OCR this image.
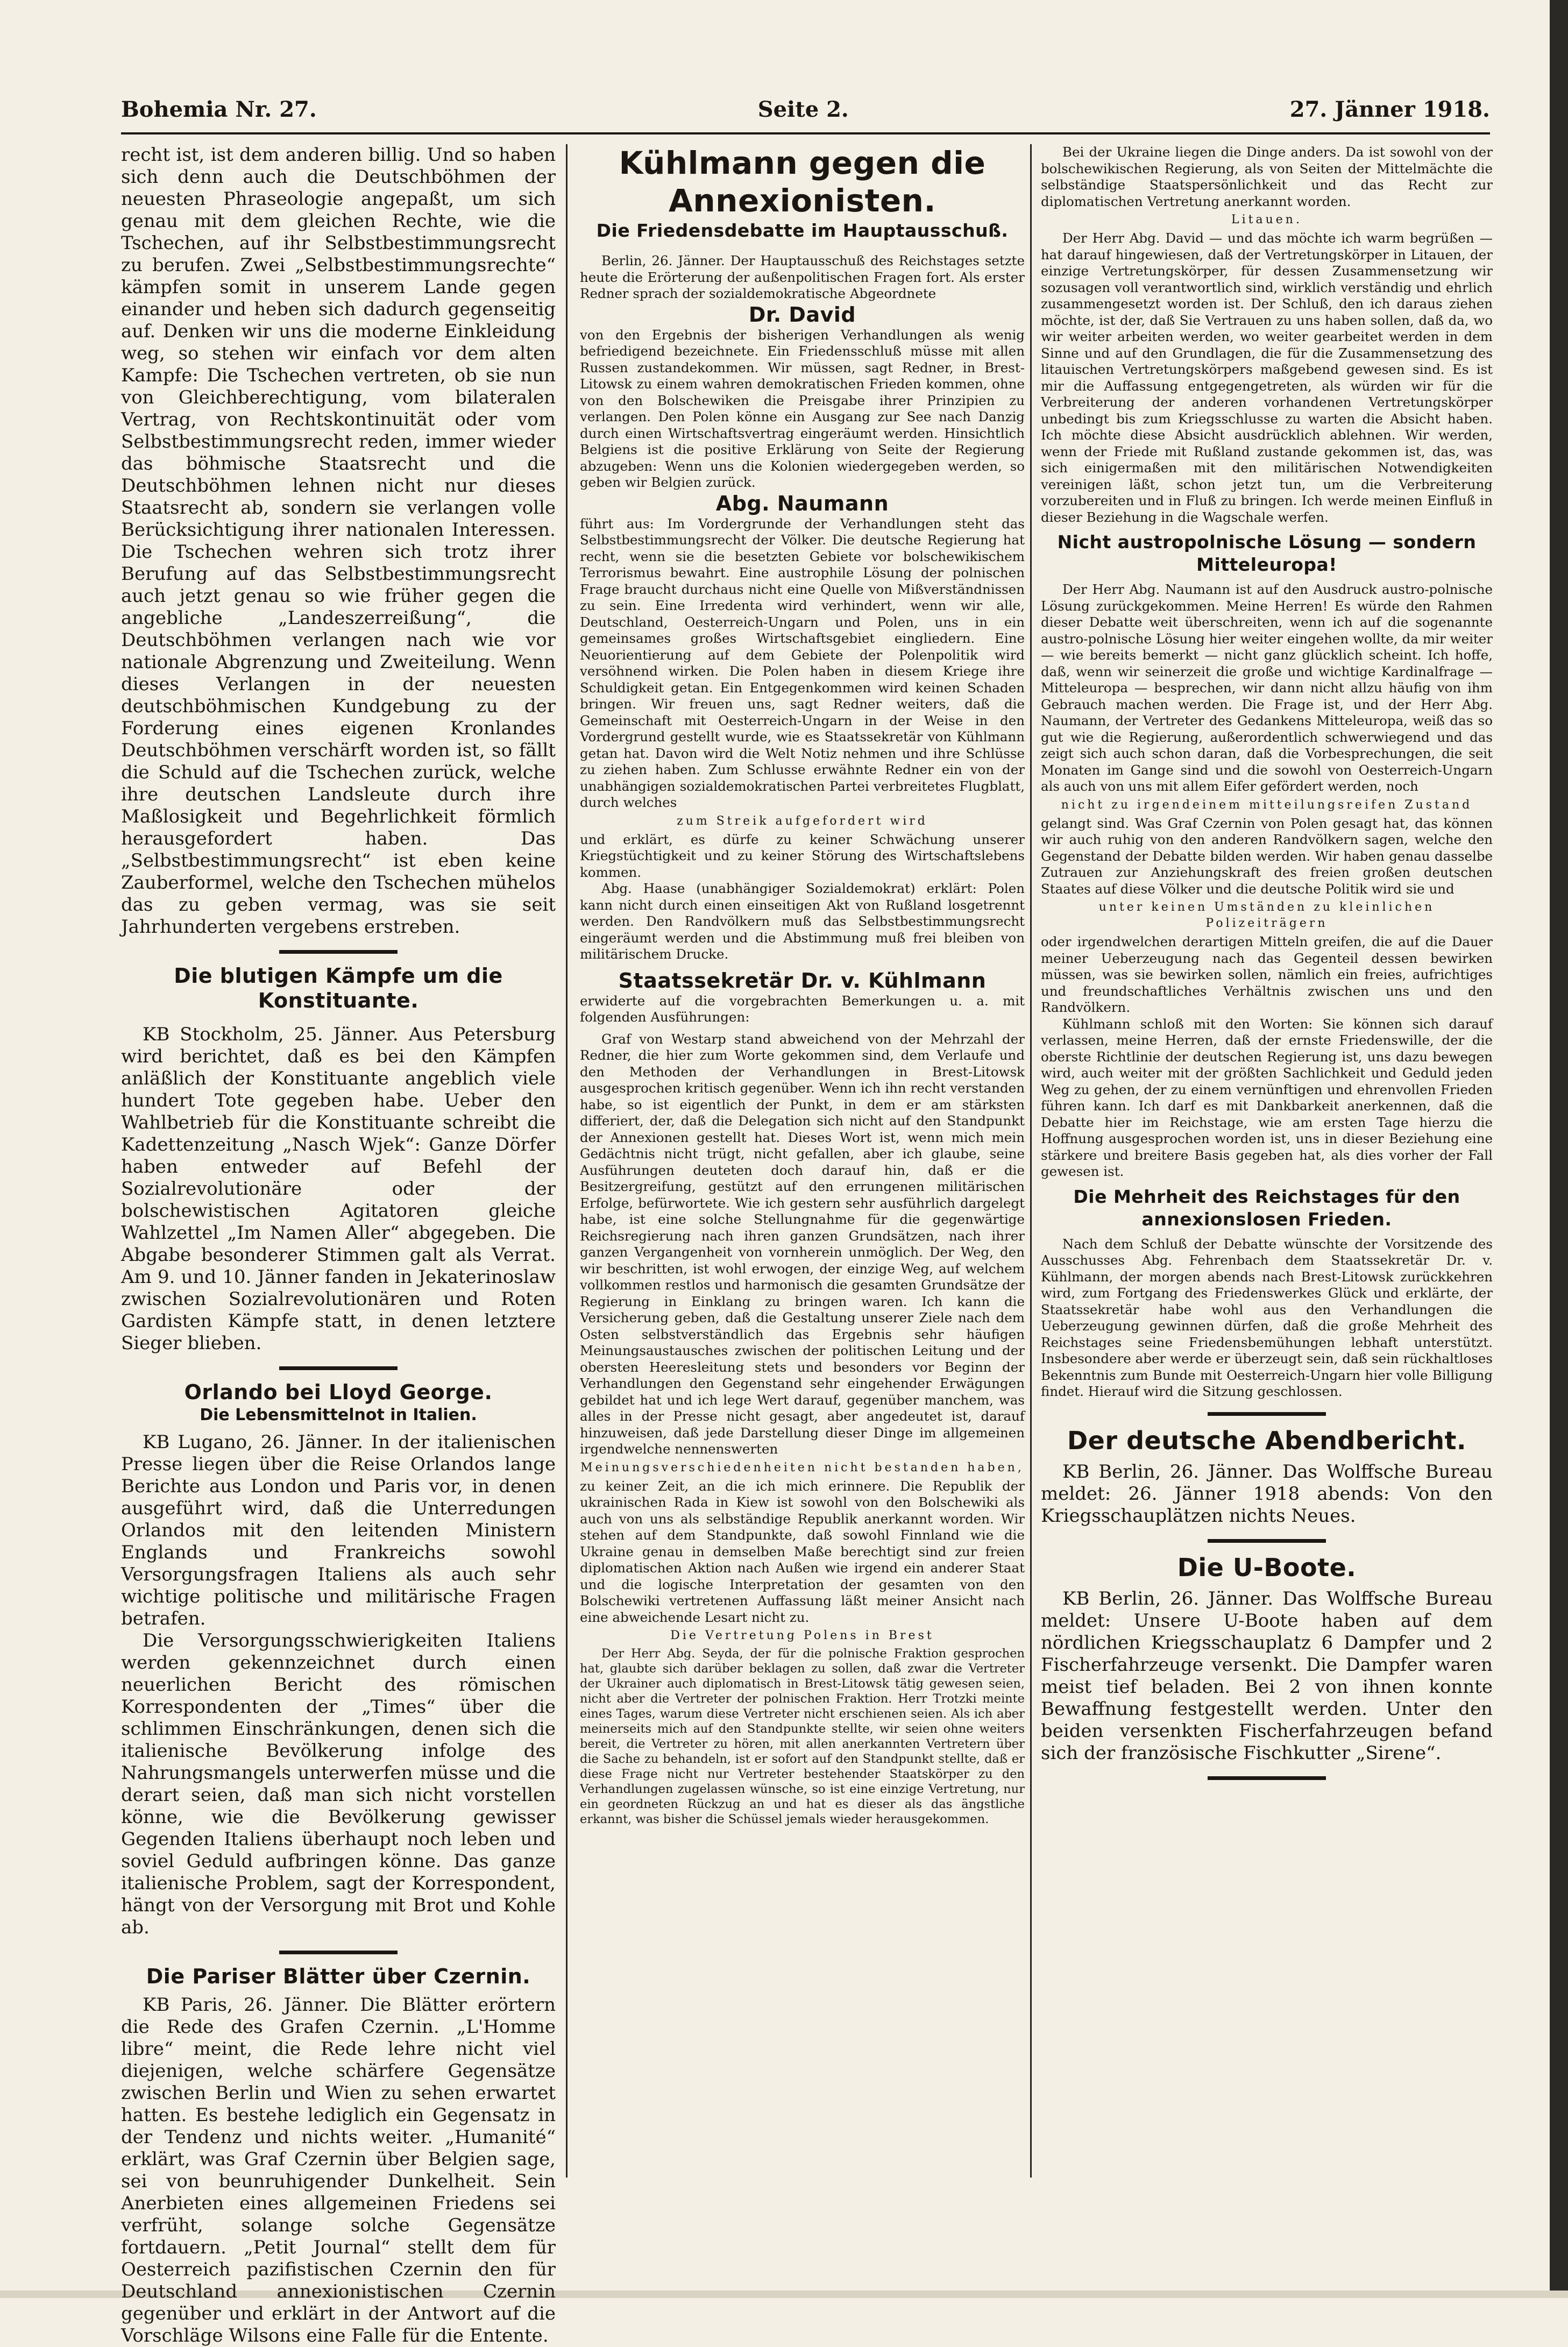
Bohemia Nr. 27.	Seite 2.	27. Jänner 1918.

recht ist, ist dem anderen billig. Und so haben sich denn auch die Deutschböhmen der neuesten Phraseologie angepaßt, um sich genau mit dem gleichen Rechte, wie die Tschechen, auf ihr Selbstbestimmungsrecht zu berufen. Zwei „Selbstbestimmungsrechte“ kämpfen somit in unserem Lande gegen einander und heben sich dadurch gegenseitig auf. Denken wir uns die moderne Einkleidung weg, so stehen wir einfach vor dem alten Kampfe: Die Tschechen vertreten, ob sie nun von Gleichberechtigung, vom bilateralen Vertrag, von Rechtskontinuität oder vom Selbstbestimmungsrecht reden, immer wieder das böhmische Staatsrecht und die Deutschböhmen lehnen nicht nur dieses Staatsrecht ab, sondern sie verlangen volle Berücksichtigung ihrer nationalen Interessen. Die Tschechen wehren sich trotz ihrer Berufung auf das Selbstbestimmungsrecht auch jetzt genau so wie früher gegen die angebliche „Landeszerreißung“, die Deutschböhmen verlangen nach wie vor nationale Abgrenzung und Zweiteilung. Wenn dieses Verlangen in der neuesten deutschböhmischen Kundgebung zu der Forderung eines eigenen Kronlandes Deutschböhmen verschärft worden ist, so fällt die Schuld auf die Tschechen zurück, welche ihre deutschen Landsleute durch ihre Maßlosigkeit und Begehrlichkeit förmlich herausgefordert haben. Das „Selbstbestimmungsrecht“ ist eben keine Zauberformel, welche den Tschechen mühelos das zu geben vermag, was sie seit Jahrhunderten vergebens erstreben.

Die blutigen Kämpfe um die Konstituante.

KB Stockholm, 25. Jänner. Aus Petersburg wird berichtet, daß es bei den Kämpfen anläßlich der Konstituante angeblich viele hundert Tote gegeben habe. Ueber den Wahlbetrieb für die Konstituante schreibt die Kadettenzeitung „Nasch Wjek“: Ganze Dörfer haben entweder auf Befehl der Sozialrevolutionäre oder der bolschewistischen Agitatoren gleiche Wahlzettel „Im Namen Aller“ abgegeben. Die Abgabe besonderer Stimmen galt als Verrat. Am 9. und 10. Jänner fanden in Jekaterinoslaw zwischen Sozialrevolutionären und Roten Gardisten Kämpfe statt, in denen letztere Sieger blieben.

Orlando bei Lloyd George.
Die Lebensmittelnot in Italien.

KB Lugano, 26. Jänner. In der italienischen Presse liegen über die Reise Orlandos lange Berichte aus London und Paris vor, in denen ausgeführt wird, daß die Unterredungen Orlandos mit den leitenden Ministern Englands und Frankreichs sowohl Versorgungsfragen Italiens als auch sehr wichtige politische und militärische Fragen betrafen.

Die Versorgungsschwierigkeiten Italiens werden gekennzeichnet durch einen neuerlichen Bericht des römischen Korrespondenten der „Times“ über die schlimmen Einschränkungen, denen sich die italienische Bevölkerung infolge des Nahrungsmangels unterwerfen müsse und die derart seien, daß man sich nicht vorstellen könne, wie die Bevölkerung gewisser Gegenden Italiens überhaupt noch leben und soviel Geduld aufbringen könne. Das ganze italienische Problem, sagt der Korrespondent, hängt von der Versorgung mit Brot und Kohle ab.

Die Pariser Blätter über Czernin.

KB Paris, 26. Jänner. Die Blätter erörtern die Rede des Grafen Czernin. „L'Homme libre“ meint, die Rede lehre nicht viel diejenigen, welche schärfere Gegensätze zwischen Berlin und Wien zu sehen erwartet hatten. Es bestehe lediglich ein Gegensatz in der Tendenz und nichts weiter. „Humanité“ erklärt, was Graf Czernin über Belgien sage, sei von beunruhigender Dunkelheit. Sein Anerbieten eines allgemeinen Friedens sei verfrüht, solange solche Gegensätze fortdauern. „Petit Journal“ stellt dem für Oesterreich pazifistischen Czernin den für Deutschland annexionistischen Czernin gegenüber und erklärt in der Antwort auf die Vorschläge Wilsons eine Falle für die Entente.

Kühlmann gegen die Annexionisten.
Die Friedensdebatte im Hauptausschuß.

Berlin, 26. Jänner. Der Hauptausschuß des Reichstages setzte heute die Erörterung der außenpolitischen Fragen fort. Als erster Redner sprach der sozialdemokratische Abgeordnete

Dr. David

von den Ergebnis der bisherigen Verhandlungen als wenig befriedigend bezeichnete. Ein Friedensschluß müsse mit allen Russen zustandekommen. Wir müssen, sagt Redner, in Brest-Litowsk zu einem wahren demokratischen Frieden kommen, ohne von den Bolschewiken die Preisgabe ihrer Prinzipien zu verlangen. Den Polen könne ein Ausgang zur See nach Danzig durch einen Wirtschaftsvertrag eingeräumt werden. Hinsichtlich Belgiens ist die positive Erklärung von Seite der Regierung abzugeben: Wenn uns die Kolonien wiedergegeben werden, so geben wir Belgien zurück.

Abg. Naumann

führt aus: Im Vordergrunde der Verhandlungen steht das Selbstbestimmungsrecht der Völker. Die deutsche Regierung hat recht, wenn sie die besetzten Gebiete vor bolschewikischem Terrorismus bewahrt. Eine austrophile Lösung der polnischen Frage braucht durchaus nicht eine Quelle von Mißverständnissen zu sein. Eine Irredenta wird verhindert, wenn wir alle, Deutschland, Oesterreich-Ungarn und Polen, uns in ein gemeinsames großes Wirtschaftsgebiet eingliedern. Eine Neuorientierung auf dem Gebiete der Polenpolitik wird versöhnend wirken. Die Polen haben in diesem Kriege ihre Schuldigkeit getan. Ein Entgegenkommen wird keinen Schaden bringen. Wir freuen uns, sagt Redner weiters, daß die Gemeinschaft mit Oesterreich-Ungarn in der Weise in den Vordergrund gestellt wurde, wie es Staatssekretär von Kühlmann getan hat. Davon wird die Welt Notiz nehmen und ihre Schlüsse zu ziehen haben. Zum Schlusse erwähnte Redner ein von der unabhängigen sozialdemokratischen Partei verbreitetes Flugblatt, durch welches

zum Streik aufgefordert wird

und erklärt, es dürfe zu keiner Schwächung unserer Kriegstüchtigkeit und zu keiner Störung des Wirtschaftslebens kommen.

Abg. Haase (unabhängiger Sozialdemokrat) erklärt: Polen kann nicht durch einen einseitigen Akt von Rußland losgetrennt werden. Den Randvölkern muß das Selbstbestimmungsrecht eingeräumt werden und die Abstimmung muß frei bleiben von militärischem Drucke.

Staatssekretär Dr. v. Kühlmann

erwiderte auf die vorgebrachten Bemerkungen u. a. mit folgenden Ausführungen:

Graf von Westarp stand abweichend von der Mehrzahl der Redner, die hier zum Worte gekommen sind, dem Verlaufe und den Methoden der Verhandlungen in Brest-Litowsk ausgesprochen kritisch gegenüber. Wenn ich ihn recht verstanden habe, so ist eigentlich der Punkt, in dem er am stärksten differiert, der, daß die Delegation sich nicht auf den Standpunkt der Annexionen gestellt hat. Dieses Wort ist, wenn mich mein Gedächtnis nicht trügt, nicht gefallen, aber ich glaube, seine Ausführungen deuteten doch darauf hin, daß er die Besitzergreifung, gestützt auf den errungenen militärischen Erfolge, befürwortete. Wie ich gestern sehr ausführlich dargelegt habe, ist eine solche Stellungnahme für die gegenwärtige Reichsregierung nach ihren ganzen Grundsätzen, nach ihrer ganzen Vergangenheit von vornherein unmöglich. Der Weg, den wir beschritten, ist wohl erwogen, der einzige Weg, auf welchem vollkommen restlos und harmonisch die gesamten Grundsätze der Regierung in Einklang zu bringen waren. Ich kann die Versicherung geben, daß die Gestaltung unserer Ziele nach dem Osten selbstverständlich das Ergebnis sehr häufigen Meinungsaustausches zwischen der politischen Leitung und der obersten Heeresleitung stets und besonders vor Beginn der Verhandlungen den Gegenstand sehr eingehender Erwägungen gebildet hat und ich lege Wert darauf, gegenüber manchem, was alles in der Presse nicht gesagt, aber angedeutet ist, darauf hinzuweisen, daß jede Darstellung dieser Dinge im allgemeinen irgendwelche nennenswerten

Meinungsverschiedenheiten nicht bestanden haben,

zu keiner Zeit, an die ich mich erinnere. Die Republik der ukrainischen Rada in Kiew ist sowohl von den Bolschewiki als auch von uns als selbständige Republik anerkannt worden. Wir stehen auf dem Standpunkte, daß sowohl Finnland wie die Ukraine genau in demselben Maße berechtigt sind zur freien diplomatischen Aktion nach Außen wie irgend ein anderer Staat und die logische Interpretation der gesamten von den Bolschewiki vertretenen Auffassung läßt meiner Ansicht nach eine abweichende Lesart nicht zu.

Die Vertretung Polens in Brest

Der Herr Abg. Seyda, der für die polnische Fraktion gesprochen hat, glaubte sich darüber beklagen zu sollen, daß zwar die Vertreter der Ukrainer auch diplomatisch in Brest-Litowsk tätig gewesen seien, nicht aber die Vertreter der polnischen Fraktion. Herr Trotzki meinte eines Tages, warum diese Vertreter nicht erschienen seien. Als ich aber meinerseits mich auf den Standpunkte stellte, wir seien ohne weiters bereit, die Vertreter zu hören, mit allen anerkannten Vertretern über die Sache zu behandeln, ist er sofort auf den Standpunkt stellte, daß er diese Frage nicht nur Vertreter bestehender Staatskörper zu den Verhandlungen zugelassen wünsche, so ist eine einzige Vertretung, nur ein geordneten Rückzug an und hat es dieser als das ängstliche erkannt, was bisher die Schüssel jemals wieder herausgekommen.

Bei der Ukraine liegen die Dinge anders. Da ist sowohl von der bolschewikischen Regierung, als von Seiten der Mittelmächte die selbständige Staatspersönlichkeit und das Recht zur diplomatischen Vertretung anerkannt worden.

Litauen.

Der Herr Abg. David — und das möchte ich warm begrüßen — hat darauf hingewiesen, daß der Vertretungskörper in Litauen, der einzige Vertretungskörper, für dessen Zusammensetzung wir sozusagen voll verantwortlich sind, wirklich verständig und ehrlich zusammengesetzt worden ist. Der Schluß, den ich daraus ziehen möchte, ist der, daß Sie Vertrauen zu uns haben sollen, daß da, wo wir weiter arbeiten werden, wo weiter gearbeitet werden in dem Sinne und auf den Grundlagen, die für die Zusammensetzung des litauischen Vertretungskörpers maßgebend gewesen sind. Es ist mir die Auffassung entgegengetreten, als würden wir für die Verbreiterung der anderen vorhandenen Vertretungskörper unbedingt bis zum Kriegsschlusse zu warten die Absicht haben. Ich möchte diese Absicht ausdrücklich ablehnen. Wir werden, wenn der Friede mit Rußland zustande gekommen ist, das, was sich einigermaßen mit den militärischen Notwendigkeiten vereinigen läßt, schon jetzt tun, um die Verbreiterung vorzubereiten und in Fluß zu bringen. Ich werde meinen Einfluß in dieser Beziehung in die Wagschale werfen.

Nicht austropolnische Lösung — sondern Mitteleuropa!

Der Herr Abg. Naumann ist auf den Ausdruck austro-polnische Lösung zurückgekommen. Meine Herren! Es würde den Rahmen dieser Debatte weit überschreiten, wenn ich auf die sogenannte austro-polnische Lösung hier weiter eingehen wollte, da mir weiter — wie bereits bemerkt — nicht ganz glücklich scheint. Ich hoffe, daß, wenn wir seinerzeit die große und wichtige Kardinalfrage — Mitteleuropa — besprechen, wir dann nicht allzu häufig von ihm Gebrauch machen werden. Die Frage ist, und der Herr Abg. Naumann, der Vertreter des Gedankens Mitteleuropa, weiß das so gut wie die Regierung, außerordentlich schwerwiegend und das zeigt sich auch schon daran, daß die Vorbesprechungen, die seit Monaten im Gange sind und die sowohl von Oesterreich-Ungarn als auch von uns mit allem Eifer gefördert werden, noch

nicht zu irgendeinem mitteilungsreifen Zustand

gelangt sind. Was Graf Czernin von Polen gesagt hat, das können wir auch ruhig von den anderen Randvölkern sagen, welche den Gegenstand der Debatte bilden werden. Wir haben genau dasselbe Zutrauen zur Anziehungskraft des freien großen deutschen Staates auf diese Völker und die deutsche Politik wird sie und

unter keinen Umständen zu kleinlichen Polizeiträgern

oder irgendwelchen derartigen Mitteln greifen, die auf die Dauer meiner Ueberzeugung nach das Gegenteil dessen bewirken müssen, was sie bewirken sollen, nämlich ein freies, aufrichtiges und freundschaftliches Verhältnis zwischen uns und den Randvölkern.

Kühlmann schloß mit den Worten: Sie können sich darauf verlassen, meine Herren, daß der ernste Friedenswille, der die oberste Richtlinie der deutschen Regierung ist, uns dazu bewegen wird, auch weiter mit der größten Sachlichkeit und Geduld jeden Weg zu gehen, der zu einem vernünftigen und ehrenvollen Frieden führen kann. Ich darf es mit Dankbarkeit anerkennen, daß die Debatte hier im Reichstage, wie am ersten Tage hierzu die Hoffnung ausgesprochen worden ist, uns in dieser Beziehung eine stärkere und breitere Basis gegeben hat, als dies vorher der Fall gewesen ist.

Die Mehrheit des Reichstages für den annexionslosen Frieden.

Nach dem Schluß der Debatte wünschte der Vorsitzende des Ausschusses Abg. Fehrenbach dem Staatssekretär Dr. v. Kühlmann, der morgen abends nach Brest-Litowsk zurückkehren wird, zum Fortgang des Friedenswerkes Glück und erklärte, der Staatssekretär habe wohl aus den Verhandlungen die Ueberzeugung gewinnen dürfen, daß die große Mehrheit des Reichstages seine Friedensbemühungen lebhaft unterstützt. Insbesondere aber werde er überzeugt sein, daß sein rückhaltloses Bekenntnis zum Bunde mit Oesterreich-Ungarn hier volle Billigung findet. Hierauf wird die Sitzung geschlossen.

Der deutsche Abendbericht.

KB Berlin, 26. Jänner. Das Wolffsche Bureau meldet: 26. Jänner 1918 abends: Von den Kriegsschauplätzen nichts Neues.

Die U-Boote.

KB Berlin, 26. Jänner. Das Wolffsche Bureau meldet: Unsere U-Boote haben auf dem nördlichen Kriegsschauplatz 6 Dampfer und 2 Fischerfahrzeuge versenkt. Die Dampfer waren meist tief beladen. Bei 2 von ihnen konnte Bewaffnung festgestellt werden. Unter den beiden versenkten Fischerfahrzeugen befand sich der französische Fischkutter „Sirene“.
